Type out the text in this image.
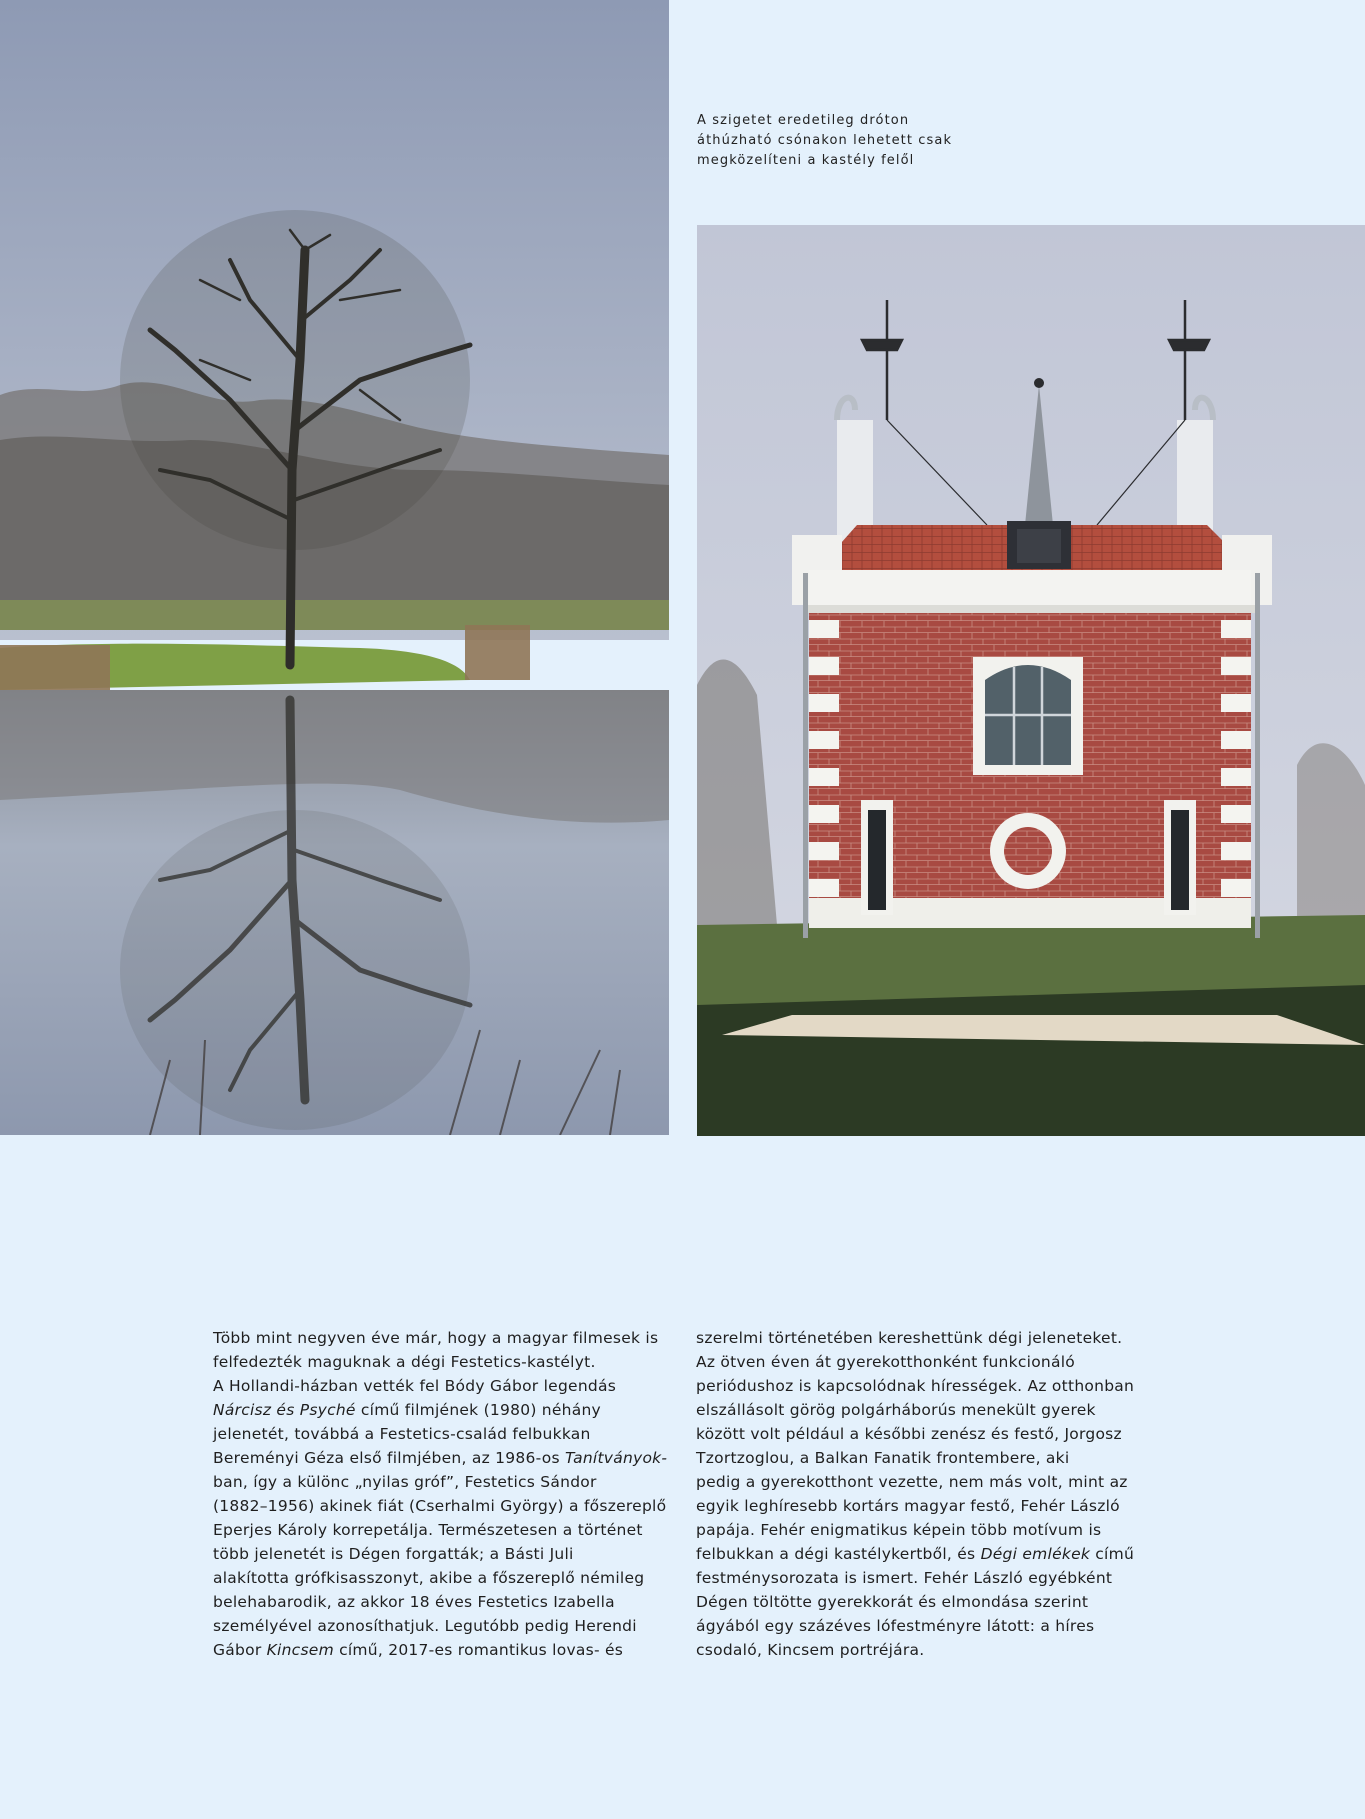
A szigetet eredetileg dróton
áthúzható csónakon lehetett csak
megközelíteni a kastély felől
Több mint negyven éve már, hogy a magyar filmesek is
felfedezték maguknak a dégi Festetics-kastélyt.
A Hollandi-házban vették fel Bódy Gábor legendás
Nárcisz és Psyché című filmjének (1980) néhány
jelenetét, továbbá a Festetics-család felbukkan
Bereményi Géza első filmjében, az 1986-os Tanítványok-
ban, így a különc „nyilas gróf”, Festetics Sándor
(1882–1956) akinek fiát (Cserhalmi György) a főszereplő
Eperjes Károly korrepetálja. Természetesen a történet
több jelenetét is Dégen forgatták; a Básti Juli
alakította grófkisasszonyt, akibe a főszereplő némileg
belehabarodik, az akkor 18 éves Festetics Izabella
személyével azonosíthatjuk. Legutóbb pedig Herendi
Gábor Kincsem című, 2017-es romantikus lovas- és
szerelmi történetében kereshettünk dégi jeleneteket.
Az ötven éven át gyerekotthonként funkcionáló
periódushoz is kapcsolódnak hírességek. Az otthonban
elszállásolt görög polgárháborús menekült gyerek
között volt például a későbbi zenész és festő, Jorgosz
Tzortzoglou, a Balkan Fanatik frontembere, aki
pedig a gyerekotthont vezette, nem más volt, mint az
egyik leghíresebb kortárs magyar festő, Fehér László
papája. Fehér enigmatikus képein több motívum is
felbukkan a dégi kastélykertből, és Dégi emlékek című
festménysorozata is ismert. Fehér László egyébként
Dégen töltötte gyerekkorát és elmondása szerint
ágyából egy százéves lófestményre látott: a híres
csodaló, Kincsem portréjára.
